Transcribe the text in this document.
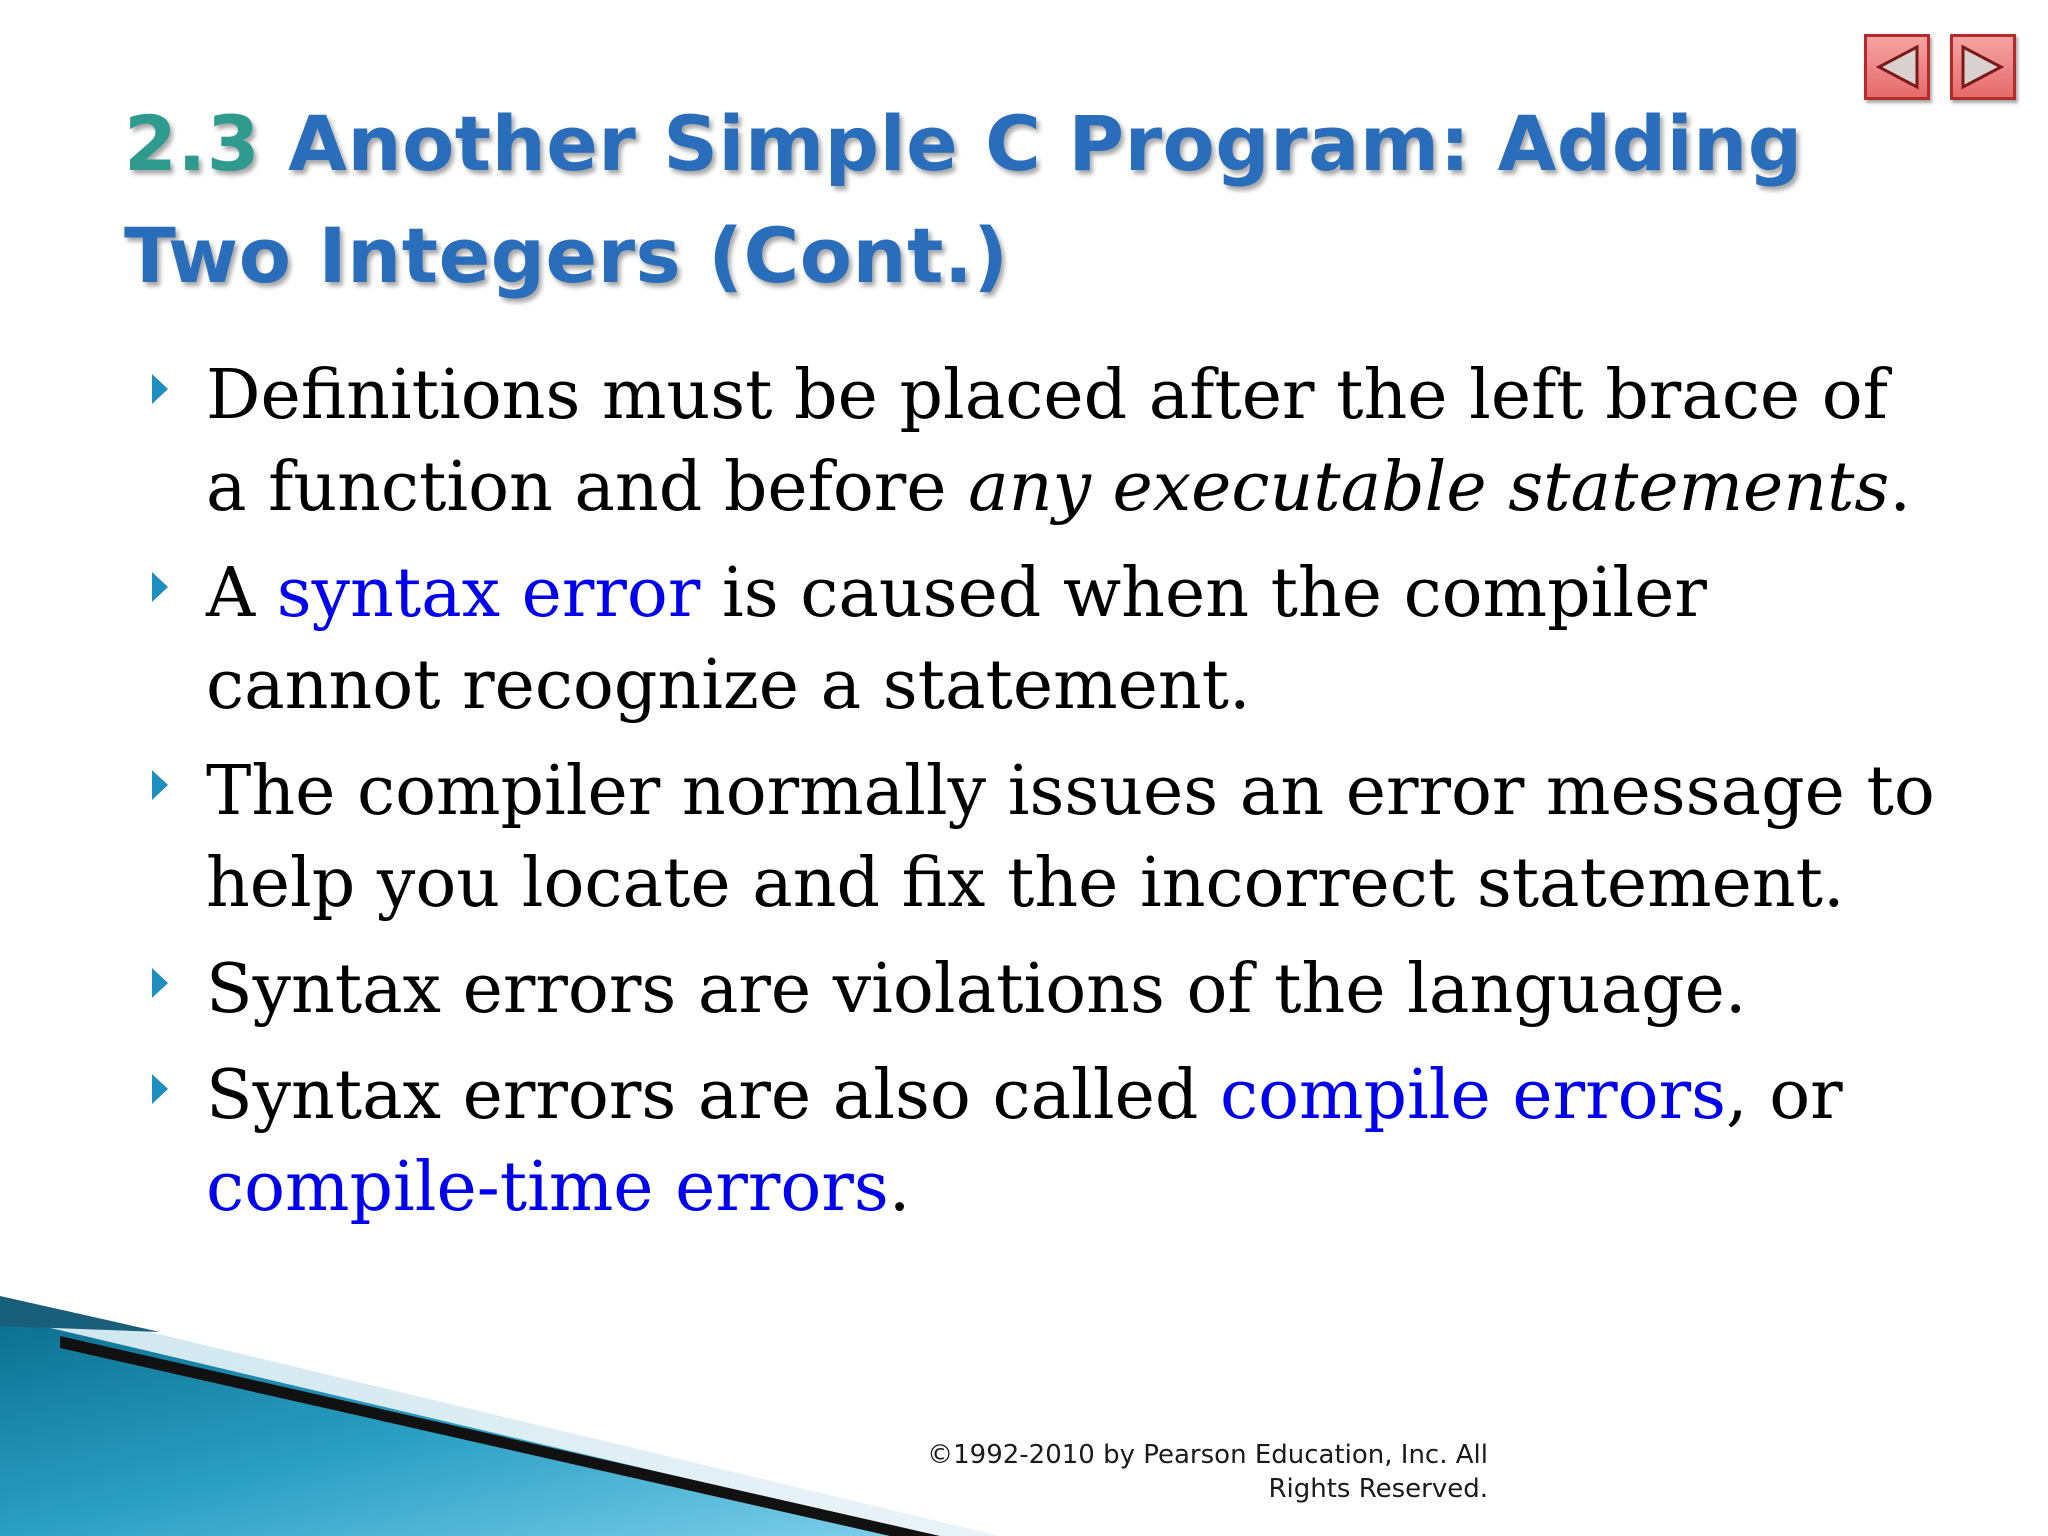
2.3 Another Simple C Program: Adding Two Integers (Cont.)
Definitions must be placed after the left brace of a function and before any executable statements.
A syntax error is caused when the compiler cannot recognize a statement.
The compiler normally issues an error message to help you locate and fix the incorrect statement.
Syntax errors are violations of the language.
Syntax errors are also called compile errors, or compile-time errors.
©1992-2010 by Pearson Education, Inc. All Rights Reserved.
